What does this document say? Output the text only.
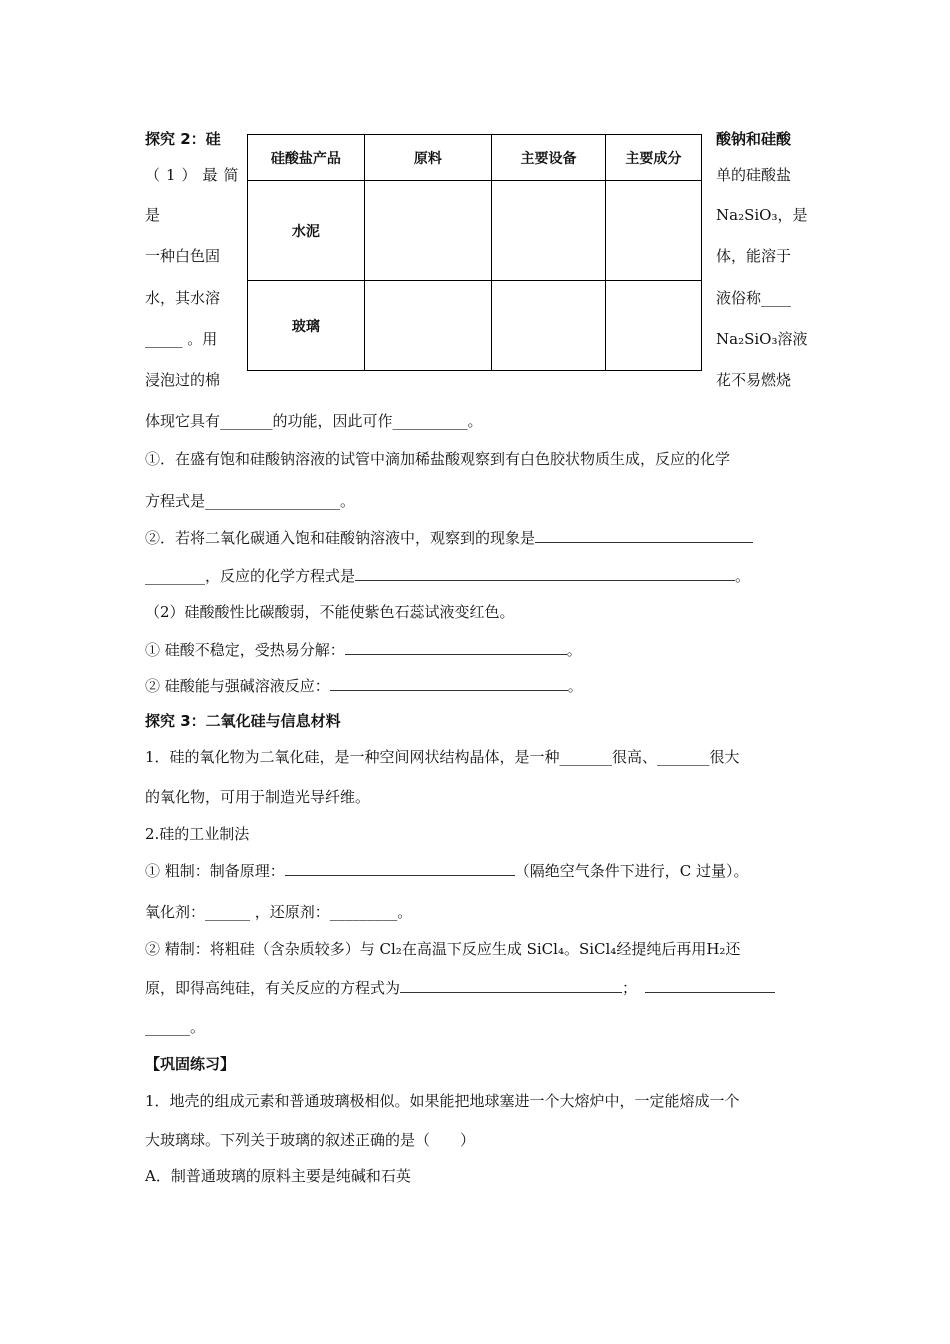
探究 2：硅
（1）最简
是
一种白色固
水，其水溶
_____ 。用
浸泡过的棉
酸钠和硅酸
单的硅酸盐
Na₂SiO₃，是
体，能溶于
液俗称____
Na₂SiO₃溶液
花不易燃烧
硅酸盐产品	原料	主要设备	主要成分
水泥			
玻璃			
体现它具有_______的功能，因此可作__________。
①．在盛有饱和硅酸钠溶液的试管中滴加稀盐酸观察到有白色胶状物质生成，反应的化学
方程式是__________________。
②．若将二氧化碳通入饱和硅酸钠溶液中，观察到的现象是
________，反应的化学方程式是	。
（2）硅酸酸性比碳酸弱，不能使紫色石蕊试液变红色。
① 硅酸不稳定，受热易分解：	。
② 硅酸能与强碱溶液反应：	。
探究 3：二氧化硅与信息材料
1．硅的氧化物为二氧化硅，是一种空间网状结构晶体，是一种_______很高、_______很大
的氧化物，可用于制造光导纤维。
2.硅的工业制法
① 粗制：制备原理：	（隔绝空气条件下进行，C 过量）。
氧化剂：______ ，还原剂：_________。
② 精制：将粗硅（含杂质较多）与 Cl₂在高温下反应生成 SiCl₄。SiCl₄经提纯后再用H₂还
原，即得高纯硅，有关反应的方程式为	；
______。
【巩固练习】
1．地壳的组成元素和普通玻璃极相似。如果能把地球塞进一个大熔炉中，一定能熔成一个
大玻璃球。下列关于玻璃的叙述正确的是（　　）
A．制普通玻璃的原料主要是纯碱和石英
